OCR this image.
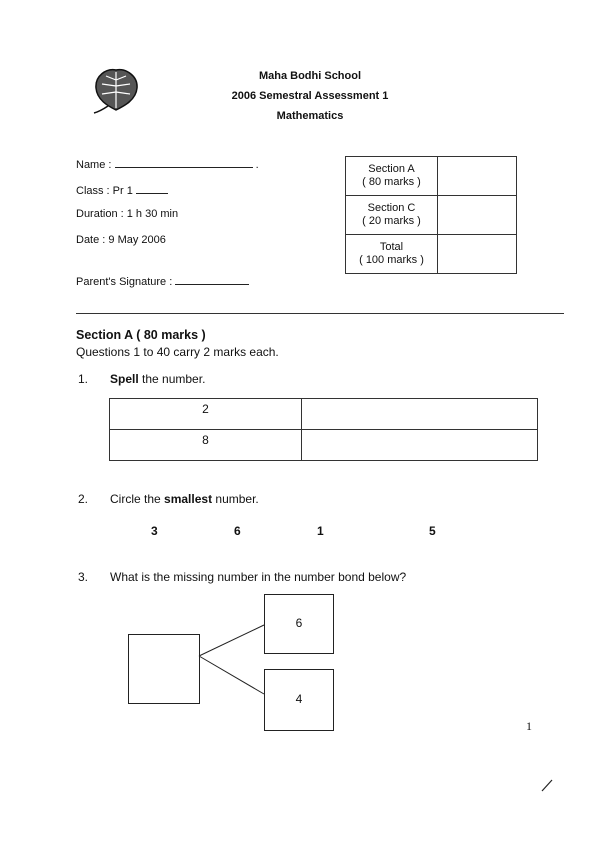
Maha Bodhi School
2006 Semestral Assessment 1
Mathematics
Name :	.
Class : Pr 1
Duration : 1 h 30 min
Date : 9 May 2006
Parent's Signature :
Section A
( 80 marks )	

Section C
( 20 marks )	

Total
( 100 marks )	

Section A ( 80 marks )
Questions 1 to 40 carry 2 marks each.
1. Spell the number.
2	
8	
2. Circle the smallest number.
3	6	1	5
3. What is the missing number in the number bond below?
6
4
1
